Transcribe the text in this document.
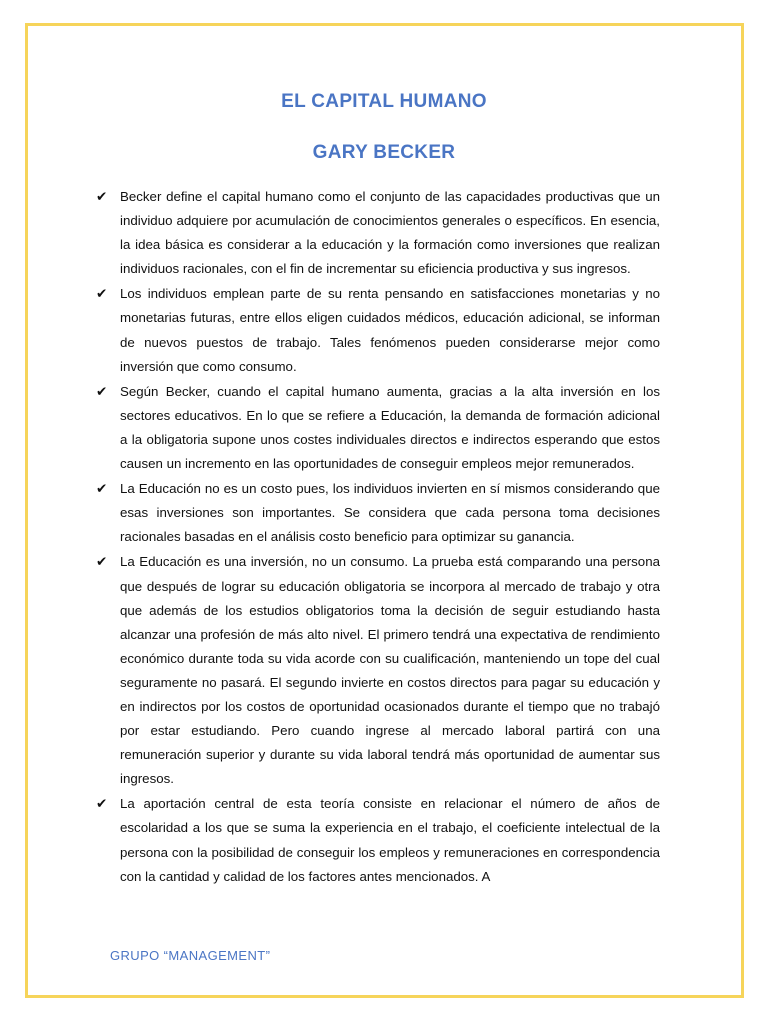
EL CAPITAL HUMANO
GARY BECKER
✔ Becker define el capital humano como el conjunto de las capacidades productivas que un individuo adquiere por acumulación de conocimientos generales o específicos. En esencia, la idea básica es considerar a la educación y la formación como inversiones que realizan individuos racionales, con el fin de incrementar su eficiencia productiva y sus ingresos.
✔ Los individuos emplean parte de su renta pensando en satisfacciones monetarias y no monetarias futuras, entre ellos eligen cuidados médicos, educación adicional, se informan de nuevos puestos de trabajo. Tales fenómenos pueden considerarse mejor como inversión que como consumo.
✔ Según Becker, cuando el capital humano aumenta, gracias a la alta inversión en los sectores educativos. En lo que se refiere a Educación, la demanda de formación adicional a la obligatoria supone unos costes individuales directos e indirectos esperando que estos causen un incremento en las oportunidades de conseguir empleos mejor remunerados.
✔ La Educación no es un costo pues, los individuos invierten en sí mismos considerando que esas inversiones son importantes. Se considera que cada persona toma decisiones racionales basadas en el análisis costo beneficio para optimizar su ganancia.
✔ La Educación es una inversión, no un consumo. La prueba está comparando una persona que después de lograr su educación obligatoria se incorpora al mercado de trabajo y otra que además de los estudios obligatorios toma la decisión de seguir estudiando hasta alcanzar una profesión de más alto nivel. El primero tendrá una expectativa de rendimiento económico durante toda su vida acorde con su cualificación, manteniendo un tope del cual seguramente no pasará. El segundo invierte en costos directos para pagar su educación y en indirectos por los costos de oportunidad ocasionados durante el tiempo que no trabajó por estar estudiando. Pero cuando ingrese al mercado laboral partirá con una remuneración superior y durante su vida laboral tendrá más oportunidad de aumentar sus ingresos.
✔ La aportación central de esta teoría consiste en relacionar el número de años de escolaridad a los que se suma la experiencia en el trabajo, el coeficiente intelectual de la persona con la posibilidad de conseguir los empleos y remuneraciones en correspondencia con la cantidad y calidad de los factores antes mencionados. A
GRUPO “MANAGEMENT”
